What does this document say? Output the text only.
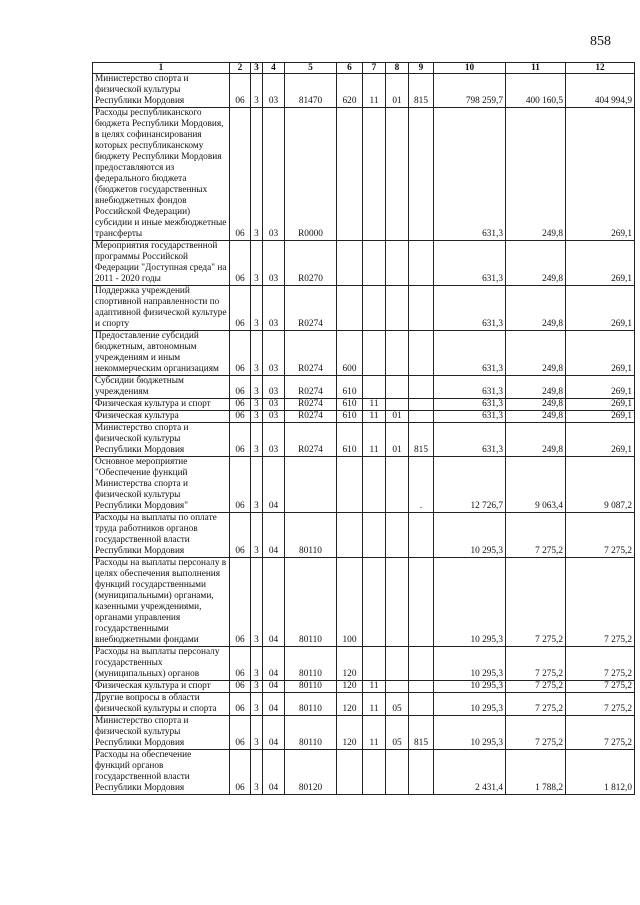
858
1	2	3	4	5	6	7	8	9	10	11	12
Министерство спорта и физической культуры Республики Мордовия	06	3	03	81470	620	11	01	815	798 259,7	400 160,5	404 994,9
Расходы республиканского бюджета Республики Мордовия, в целях софинансирования которых республиканскому бюджету Республики Мордовия предоставляются из федерального бюджета (бюджетов государственных внебюджетных фондов Российской Федерации) субсидии и иные межбюджетные трансферты	06	3	03	R0000					631,3	249,8	269,1
Мероприятия государственной программы Российской Федерации "Доступная среда" на 2011 - 2020 годы	06	3	03	R0270					631,3	249,8	269,1
Поддержка учреждений спортивной направленности по адаптивной физической культуре и спорту	06	3	03	R0274					631,3	249,8	269,1
Предоставление субсидий бюджетным, автономным учреждениям и иным некоммерческим организациям	06	3	03	R0274	600				631,3	249,8	269,1
Субсидии бюджетным учреждениям	06	3	03	R0274	610				631,3	249,8	269,1
Физическая культура и спорт	06	3	03	R0274	610	11			631,3	249,8	269,1
Физическая культура	06	3	03	R0274	610	11	01		631,3	249,8	269,1
Министерство спорта и физической культуры Республики Мордовия	06	3	03	R0274	610	11	01	815	631,3	249,8	269,1
Основное мероприятие "Обеспечение функций Министерства спорта и физической культуры Республики Мордовия"	06	3	04					.	12 726,7	9 063,4	9 087,2
Расходы на выплаты по оплате труда работников органов государственной власти Республики Мордовия	06	3	04	80110					10 295,3	7 275,2	7 275,2
Расходы на выплаты персоналу в целях обеспечения выполнения функций государственными (муниципальными) органами, казенными учреждениями, органами управления государственными внебюджетными фондами	06	3	04	80110	100				10 295,3	7 275,2	7 275,2
Расходы на выплаты персоналу государственных (муниципальных) органов	06	3	04	80110	120				10 295,3	7 275,2	7 275,2
Физическая культура и спорт	06	3	04	80110	120	11			10 295,3	7 275,2	7 275,2
Другие вопросы в области физической культуры и спорта	06	3	04	80110	120	11	05		10 295,3	7 275,2	7 275,2
Министерство спорта и физической культуры Республики Мордовия	06	3	04	80110	120	11	05	815	10 295,3	7 275,2	7 275,2
Расходы на обеспечение функций органов государственной власти Республики Мордовия	06	3	04	80120					2 431,4	1 788,2	1 812,0
